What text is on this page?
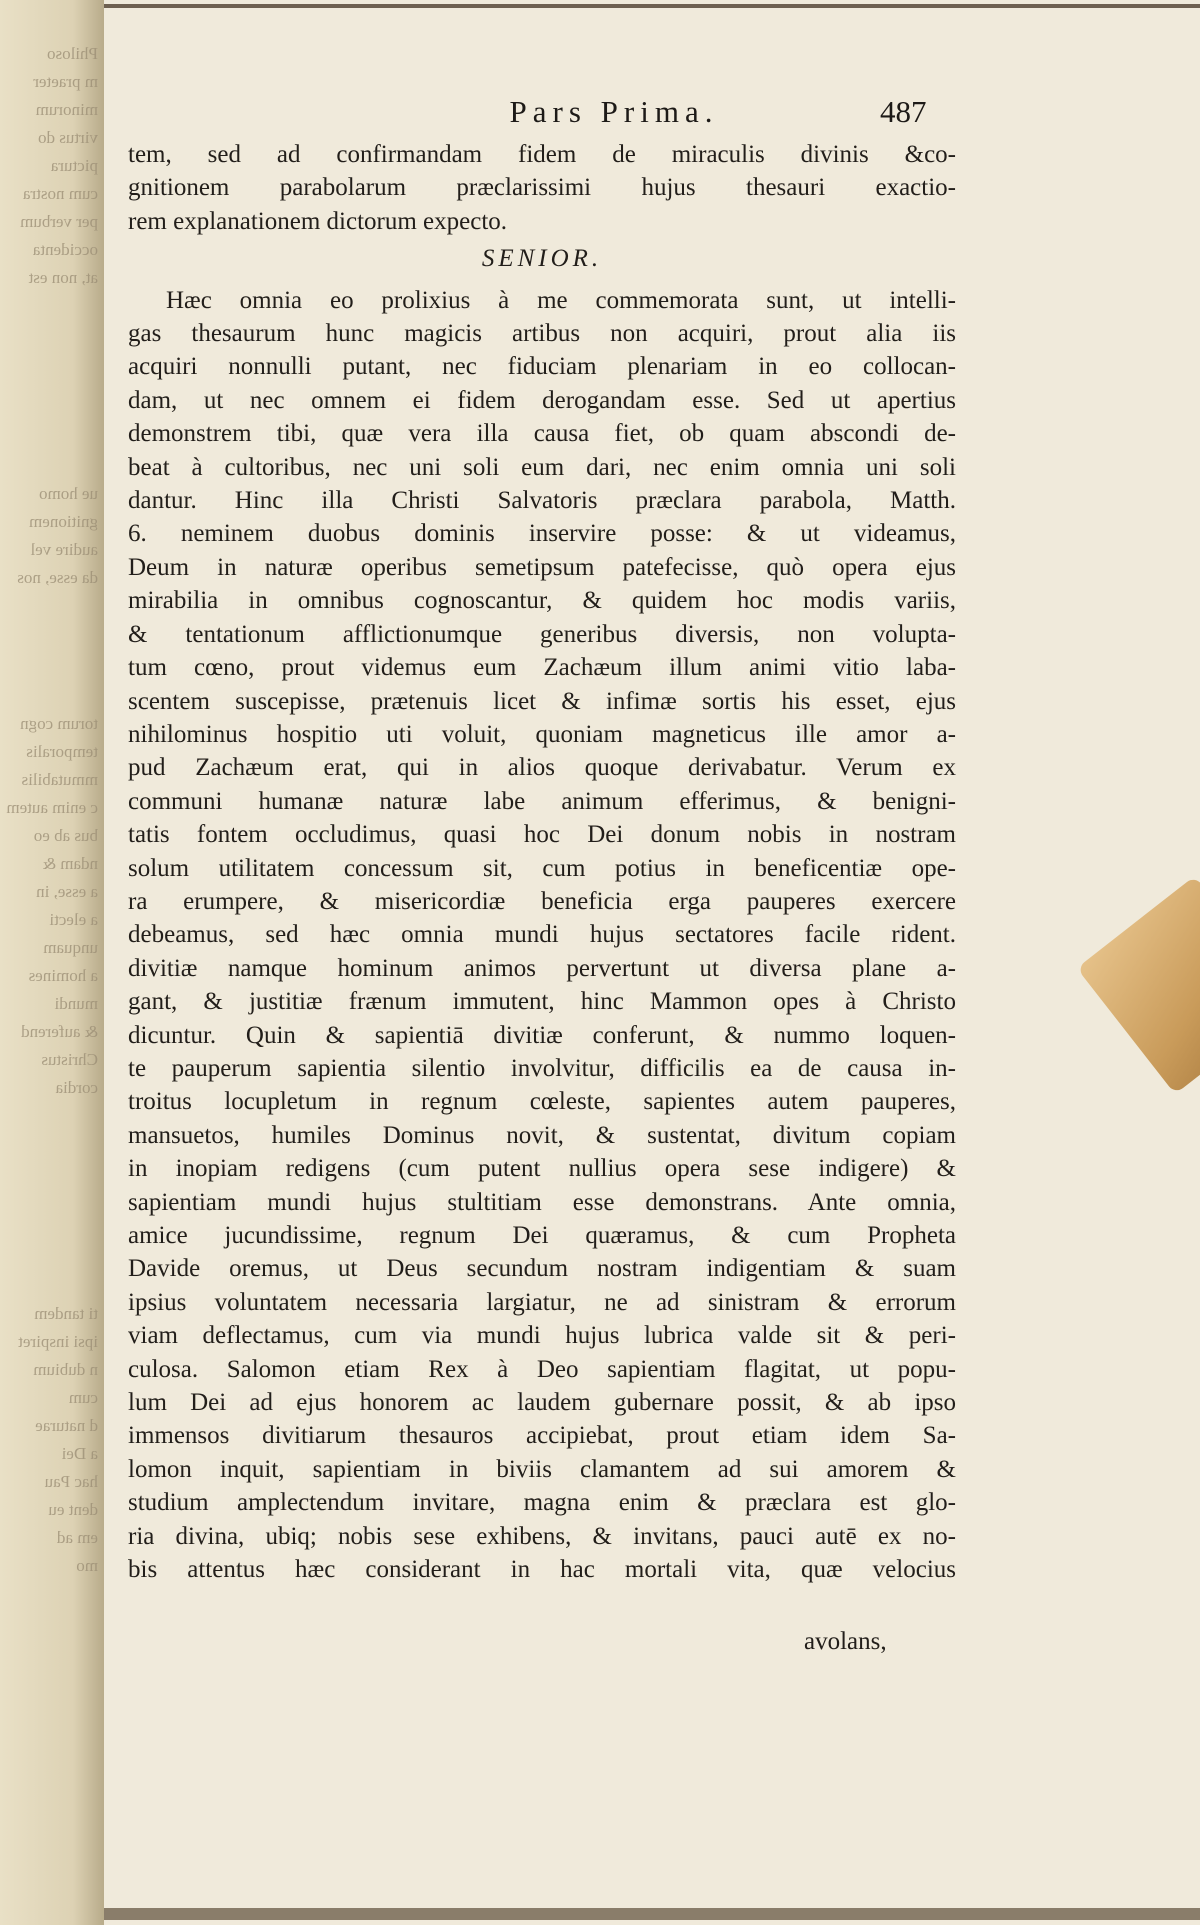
Philoso
m praeter
minorum
virtus do
pictura
cum nostra
per verbum
occidenta
at, non est
ue homo
gnitionem
audire vel
da esse, nos
torum cogn
temporalis
mmutabilis
c enim autem
bus ab eo
ndam &
a esse, in
a electi
unquam
a homines
mundi
& auferend
Christus
cordia
ti tandem
ipsi inspiret
n dubium
cum
d naturae
a Dei
hac Pau
dent eu
em ad
mo
Pars Prima.	487
tem, sed ad confirmandam fidem de miraculis divinis &co-
gnitionem parabolarum præclarissimi hujus thesauri exactio-
rem explanationem dictorum expecto.
SENIOR.
Hæc omnia eo prolixius à me commemorata sunt, ut intelli-
gas thesaurum hunc magicis artibus non acquiri, prout alia iis
acquiri nonnulli putant, nec fiduciam plenariam in eo collocan-
dam, ut nec omnem ei fidem derogandam esse. Sed ut apertius
demonstrem tibi, quæ vera illa causa fiet, ob quam abscondi de-
beat à cultoribus, nec uni soli eum dari, nec enim omnia uni soli
dantur. Hinc illa Christi Salvatoris præclara parabola, Matth.
6. neminem duobus dominis inservire posse: & ut videamus,
Deum in naturæ operibus semetipsum patefecisse, quò opera ejus
mirabilia in omnibus cognoscantur, & quidem hoc modis variis,
& tentationum afflictionumque generibus diversis, non volupta-
tum cœno, prout videmus eum Zachæum illum animi vitio laba-
scentem suscepisse, prætenuis licet & infimæ sortis his esset, ejus
nihilominus hospitio uti voluit, quoniam magneticus ille amor a-
pud Zachæum erat, qui in alios quoque derivabatur. Verum ex
communi humanæ naturæ labe animum efferimus, & benigni-
tatis fontem occludimus, quasi hoc Dei donum nobis in nostram
solum utilitatem concessum sit, cum potius in beneficentiæ ope-
ra erumpere, & misericordiæ beneficia erga pauperes exercere
debeamus, sed hæc omnia mundi hujus sectatores facile rident.
divitiæ namque hominum animos pervertunt ut diversa plane a-
gant, & justitiæ frænum immutent, hinc Mammon opes à Christo
dicuntur. Quin & sapientiā divitiæ conferunt, & nummo loquen-
te pauperum sapientia silentio involvitur, difficilis ea de causa in-
troitus locupletum in regnum cœleste, sapientes autem pauperes,
mansuetos, humiles Dominus novit, & sustentat, divitum copiam
in inopiam redigens (cum putent nullius opera sese indigere) &
sapientiam mundi hujus stultitiam esse demonstrans. Ante omnia,
amice jucundissime, regnum Dei quæramus, & cum Propheta
Davide oremus, ut Deus secundum nostram indigentiam & suam
ipsius voluntatem necessaria largiatur, ne ad sinistram & errorum
viam deflectamus, cum via mundi hujus lubrica valde sit & peri-
culosa. Salomon etiam Rex à Deo sapientiam flagitat, ut popu-
lum Dei ad ejus honorem ac laudem gubernare possit, & ab ipso
immensos divitiarum thesauros accipiebat, prout etiam idem Sa-
lomon inquit, sapientiam in biviis clamantem ad sui amorem &
studium amplectendum invitare, magna enim & præclara est glo-
ria divina, ubiq; nobis sese exhibens, & invitans, pauci autē ex no-
bis attentus hæc considerant in hac mortali vita, quæ velocius
avolans,
